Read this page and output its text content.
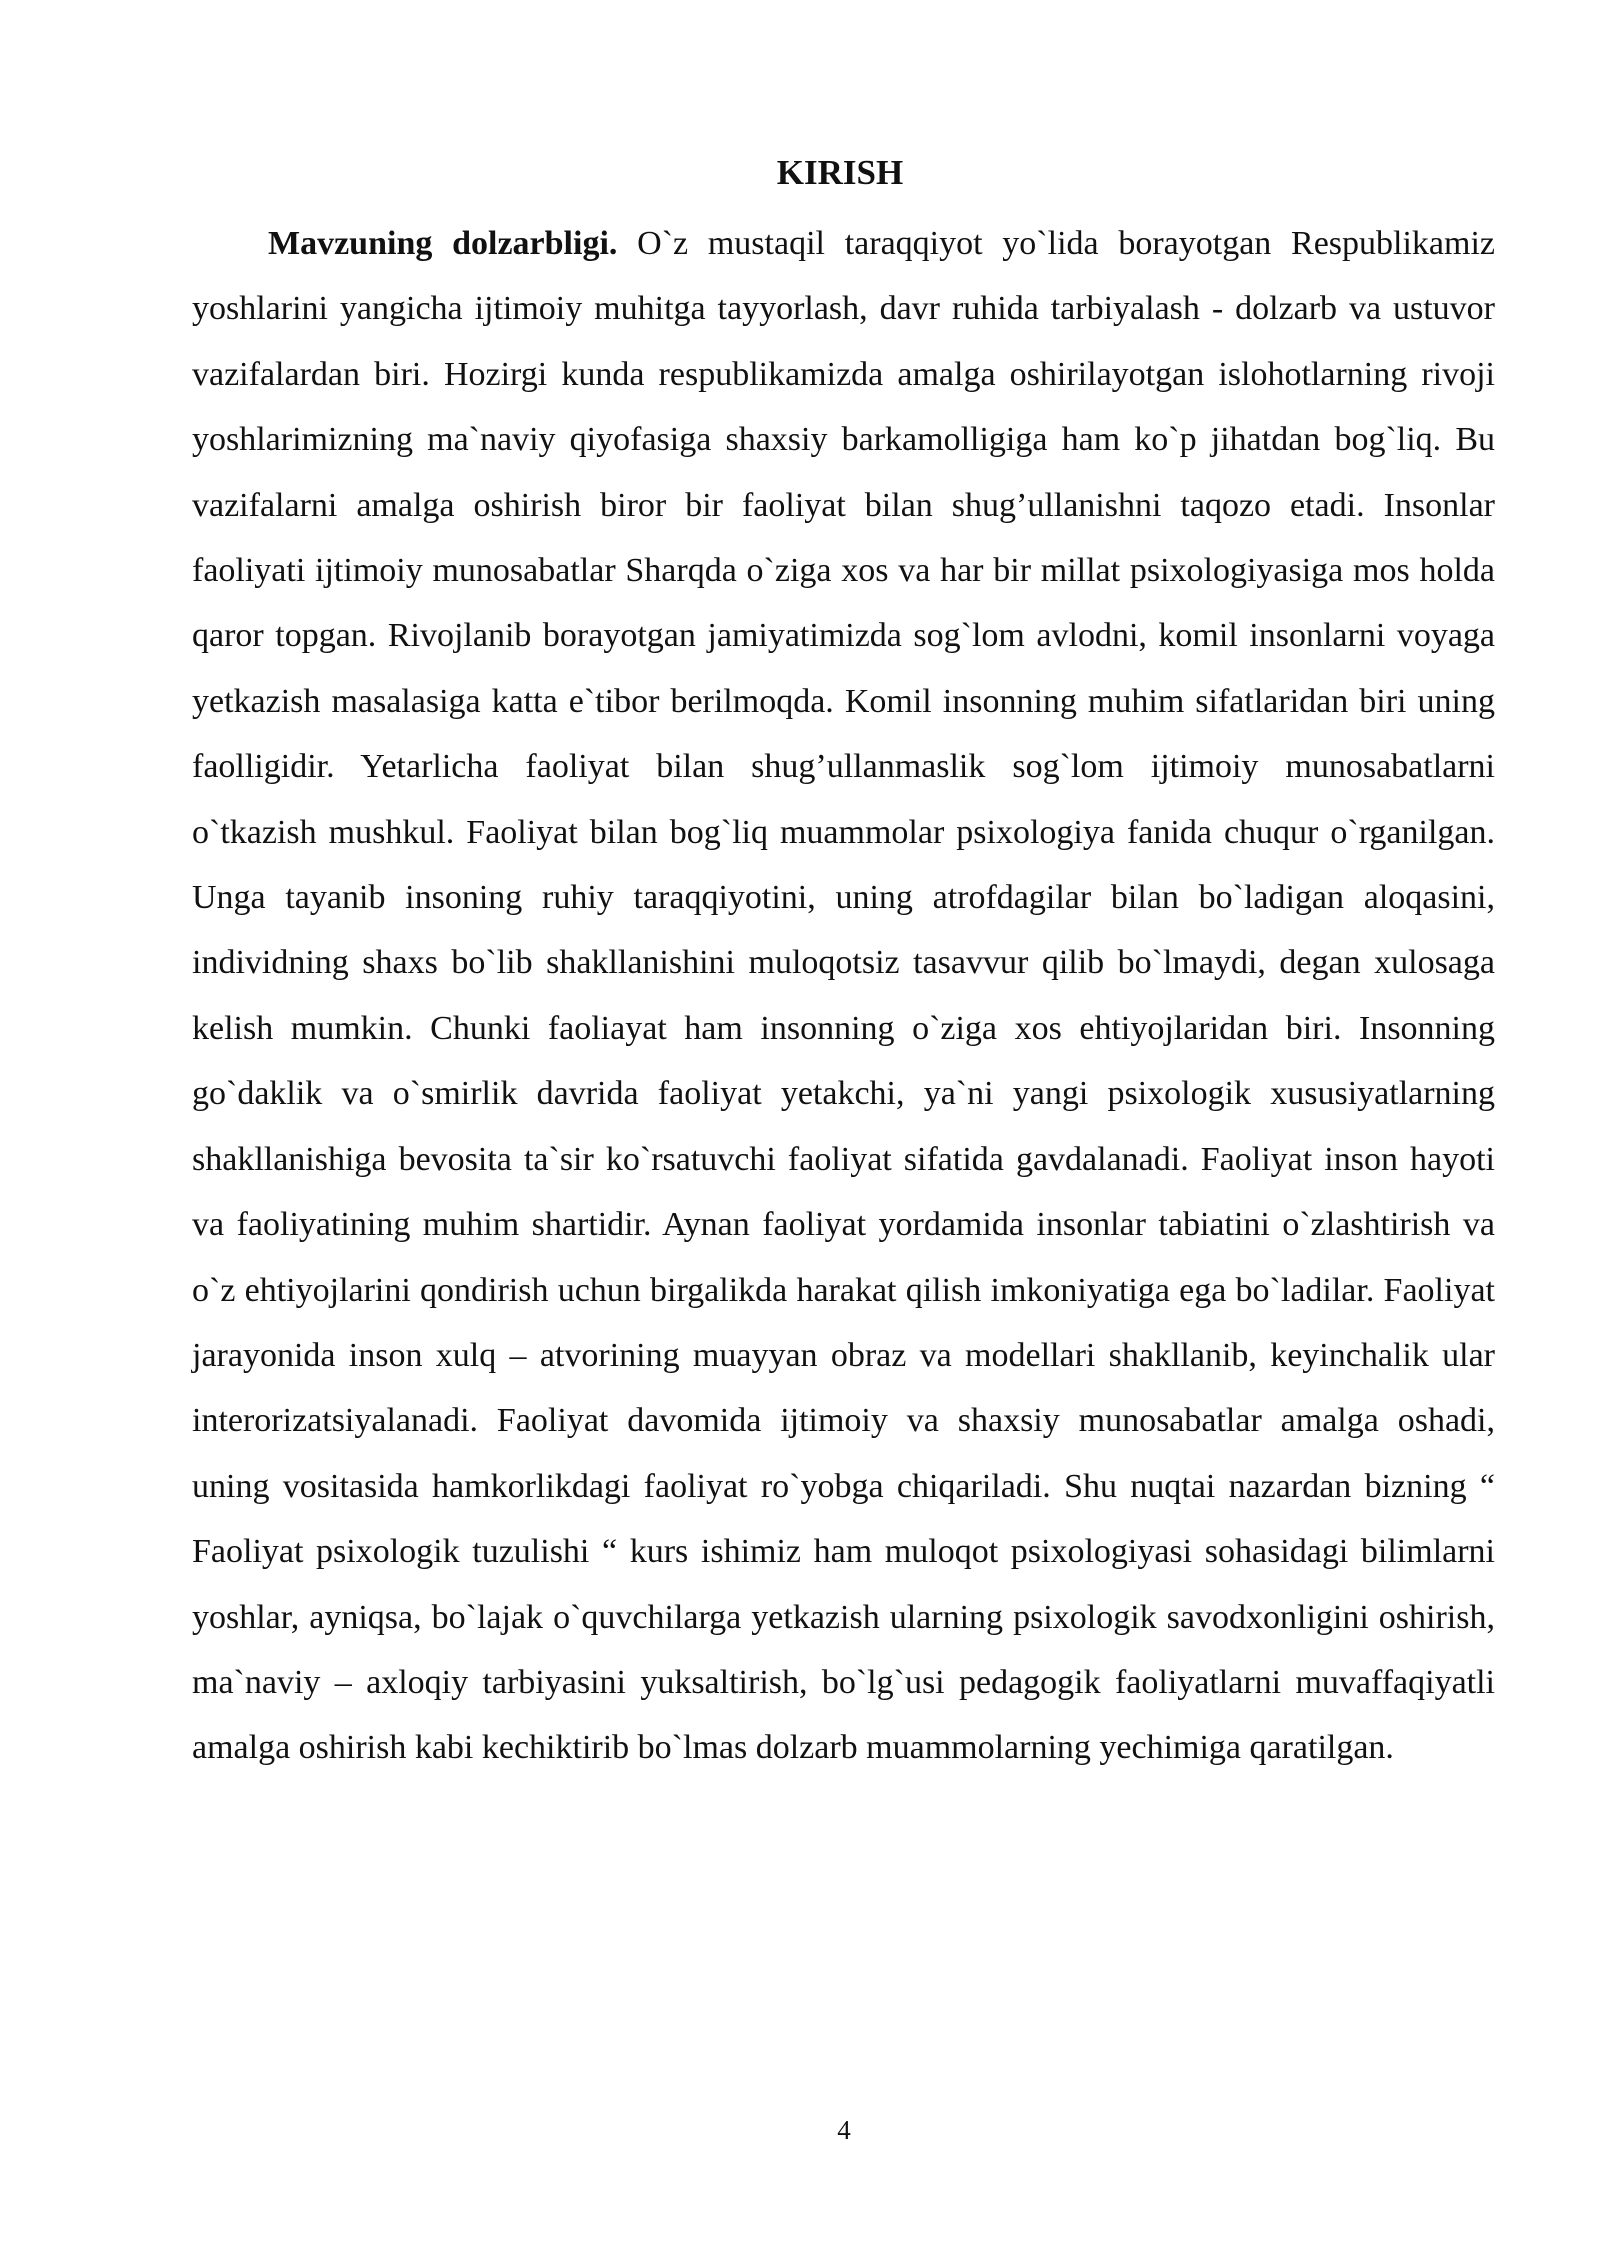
KIRISH

Mavzuning dolzarbligi. O`z mustaqil taraqqiyot yo`lida borayotgan Respublikamiz yoshlarini yangicha ijtimoiy muhitga tayyorlash, davr ruhida tarbiyalash - dolzarb va ustuvor vazifalardan biri. Hozirgi kunda respublikamizda amalga oshirilayotgan islohotlarning rivoji yoshlarimizning ma`naviy qiyofasiga shaxsiy barkamolligiga ham ko`p jihatdan bog`liq. Bu vazifalarni amalga oshirish biror bir faoliyat bilan shug’ullanishni taqozo etadi. Insonlar faoliyati ijtimoiy munosabatlar Sharqda o`ziga xos va har bir millat psixologiyasiga mos holda qaror topgan. Rivojlanib borayotgan jamiyatimizda sog`lom avlodni, komil insonlarni voyaga yetkazish masalasiga katta e`tibor berilmoqda. Komil insonning muhim sifatlaridan biri uning faolligidir. Yetarlicha faoliyat bilan shug’ullanmaslik sog`lom ijtimoiy munosabatlarni o`tkazish mushkul. Faoliyat bilan bog`liq muammolar psixologiya fanida chuqur o`rganilgan. Unga tayanib insoning ruhiy taraqqiyotini, uning atrofdagilar bilan bo`ladigan aloqasini, individning shaxs bo`lib shakllanishini muloqotsiz tasavvur qilib bo`lmaydi, degan xulosaga kelish mumkin. Chunki faoliayat ham insonning o`ziga xos ehtiyojlaridan biri. Insonning go`daklik va o`smirlik davrida faoliyat yetakchi, ya`ni yangi psixologik xususiyatlarning shakllanishiga bevosita ta`sir ko`rsatuvchi faoliyat sifatida gavdalanadi. Faoliyat inson hayoti va faoliyatining muhim shartidir. Aynan faoliyat yordamida insonlar tabiatini o`zlashtirish va o`z ehtiyojlarini qondirish uchun birgalikda harakat qilish imkoniyatiga ega bo`ladilar. Faoliyat jarayonida inson xulq – atvorining muayyan obraz va modellari shakllanib, keyinchalik ular interorizatsiyalanadi. Faoliyat davomida ijtimoiy va shaxsiy munosabatlar amalga oshadi, uning vositasida hamkorlikdagi faoliyat ro`yobga chiqariladi. Shu nuqtai nazardan bizning “ Faoliyat psixologik tuzulishi “ kurs ishimiz ham muloqot psixologiyasi sohasidagi bilimlarni yoshlar, ayniqsa, bo`lajak o`quvchilarga yetkazish ularning psixologik savodxonligini oshirish, ma`naviy – axloqiy tarbiyasini yuksaltirish, bo`lg`usi pedagogik faoliyatlarni muvaffaqiyatli amalga oshirish kabi kechiktirib bo`lmas dolzarb muammolarning yechimiga qaratilgan.

4
